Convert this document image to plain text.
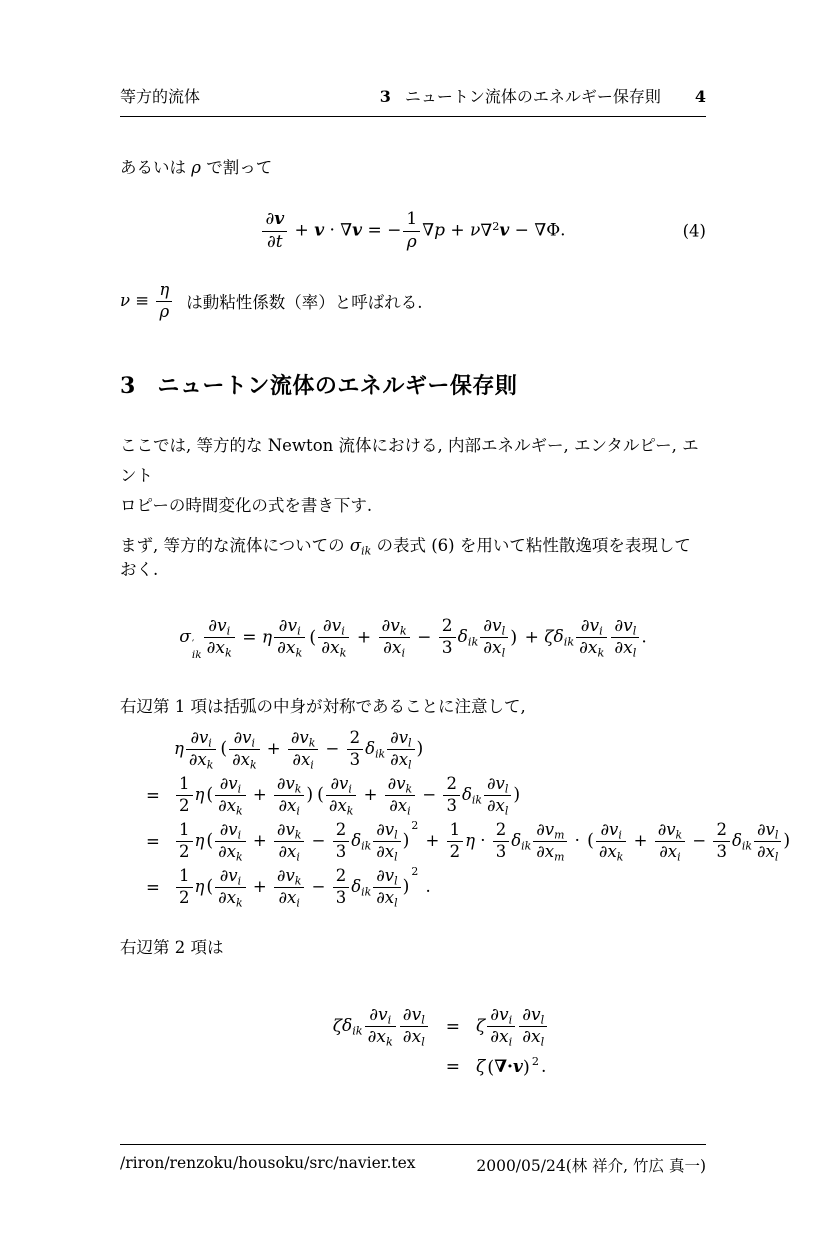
等方的流体	3 ニュートン流体のエネルギー保存則 4

あるいは ρ で割って

$\frac{\partial v}{\partial t} + v \cdot \nabla v$ = − $\frac{1}{\rho} \nabla p + \nu\nabla^2v - \nabla\Phi$.	(4)

$\nu \equiv \frac{\eta}{\rho}$ は動粘性係数（率）と呼ばれる.

3 ニュートン流体のエネルギー保存則

ここでは, 等方的な Newton 流体における, 内部エネルギー, エンタルピー, エント
ロピーの時間変化の式を書き下す.

まず, 等方的な流体についての σik の表式 (6) を用いて粘性散逸項を表現しておく.

σ ′
ik $\frac{\partial vi}{\partial xk} = \eta \frac{\partial vi}{\partial xk}$ ( $\frac{\partial vi}{\partial xk} + \frac{\partial vk}{\partial xi} - \frac{2}{3}$ δik $\frac{\partial vl}{\partial xl}$ ) + ζδik $\frac{\partial vi}{\partial xk} \frac{\partial vl}{\partial xl}$ .

右辺第 1 項は括弧の中身が対称であることに注意して,

η $\frac{\partial vi}{\partial xk}$ ( $\frac{\partial vi}{\partial xk} + \frac{\partial vk}{\partial xi} - \frac{2}{3}$ δik $\frac{\partial vl}{\partial xl}$ )
= $\frac{1}{2}$ η ( $\frac{\partial vi}{\partial xk} + \frac{\partial vk}{\partial xi}$ ) ( $\frac{\partial vi}{\partial xk} + \frac{\partial vk}{\partial xi} - \frac{2}{3}$ δik $\frac{\partial vl}{\partial xl}$ )
= $\frac{1}{2}$ η ( $\frac{\partial vi}{\partial xk} + \frac{\partial vk}{\partial xi} - \frac{2}{3}$ δik $\frac{\partial vl}{\partial xl}$ )
2
+ $\frac{1}{2}$ $\eta \cdot \frac{2}{3}$ δik $\frac{\partial vm}{\partial xm}$ · ( $\frac{\partial vi}{\partial xk} + \frac{\partial vk}{\partial xi} - \frac{2}{3}$ δik $\frac{\partial vl}{\partial xl}$ )
= $\frac{1}{2}$ η ( $\frac{\partial vi}{\partial xk} + \frac{\partial vk}{\partial xi} - \frac{2}{3}$ δik $\frac{\partial vl}{\partial xl}$ )
2
.

右辺第 2 項は

ζδik $\frac{\partial vi}{\partial xk} \frac{\partial vl}{\partial xl}$	= ζ $\frac{\partial vi}{\partial xi} \frac{\partial vl}{\partial xl}$
= ζ ( ∇·v ) 2 .
/riron/renzoku/housoku/src/navier.tex	2000/05/24(林 祥介, 竹広 真一)
